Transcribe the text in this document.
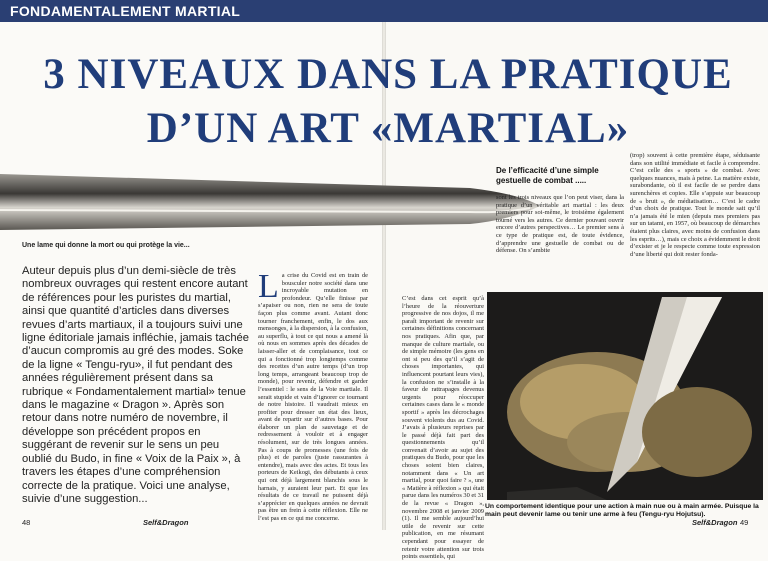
FONDAMENTALEMENT MARTIAL
3 NIVEAUX DANS LA PRATIQUE
D’UN ART «MARTIAL»
Une lame qui donne la mort ou qui protège la vie...
Auteur depuis plus d’un demi-siècle de très nombreux ouvrages qui restent encore autant de références pour les puristes du martial, ainsi que quantité d’articles dans diverses revues d’arts martiaux, il a toujours suivi une ligne éditoriale jamais infléchie, jamais tachée d’aucun compromis au gré des modes. Soke de la ligne « Tengu-ryu», il fut pendant des années régulièrement présent dans sa rubrique « Fondamentalement martial» tenue dans le magazine « Dragon ». Après son retour dans notre numéro de novembre, il développe son précédent propos en suggérant de revenir sur le sens un peu oublié du Budo, in fine « Voix de la Paix », à travers les étapes d’une compréhension correcte de la pratique. Voici une analyse, suivie d’une suggestion...
La crise du Covid est en train de bousculer notre société dans une incroyable mutation en profondeur. Qu’elle finisse par s’apaiser ou non, rien ne sera de toute façon plus comme avant. Autant donc tourner franchement, enfin, le dos aux mensonges, à la dispersion, à la confusion, au superflu, à tout ce qui nous a amené là où nous en sommes après des décades de laisser-aller et de complaisance, tout ce qui a fonctionné trop longtemps comme des recettes d’un autre temps (d’un trop long temps, arrangeant beaucoup trop de monde), pour revenir, défendre et garder l’essentiel : le sens de la Voie martiale. Il serait stupide et vain d’ignorer ce tournant de notre histoire. Il vaudrait mieux en profiter pour dresser un état des lieux, avant de repartir sur d’autres bases. Pour élaborer un plan de sauvetage et de redressement à vouloir et à engager résolument, sur de très longues années. Pas à coups de promesses (une fois de plus) et de paroles (juste rassurantes à entendre), mais avec des actes. Et tous les porteurs de Keikogi, des débutants à ceux qui ont déjà largement blanchis sous le harnais, y auraient leur part. Et que les résultats de ce travail ne puissent déjà s’apprécier en quelques années ne devrait pas être un frein à cette réflexion. Elle ne l’est pas en ce qui me concerne.
C’est dans cet esprit qu’à l’heure de la réouverture progressive de nos dojos, il me paraît important de revenir sur certaines définitions concernant nos pratiques. Afin que, par manque de culture martiale, ou de simple mémoire (les gens en ont si peu des qu’il s’agit de choses importantes, qui influencent pourtant leurs vies), la confusion ne s’installe à la faveur de rattrapages devenus urgents pour réoccuper certaines cases dans le « monde sportif » après les décrochages souvent violents dus au Covid. J’avais à plusieurs reprises par le passé déjà fait part des questionnements qu’il convenait d’avoir au sujet des pratiques du Budo, pour que les choses soient bien claires, notamment dans « Un art martial, pour quoi faire ? », une « Matière à réflexion » qui était parue dans les numéros 30 et 31 de la revue « Dragon », novembre 2008 et janvier 2009 (1). Il me semble aujourd’hui utile de revenir sur cette publication, en me résumant cependant pour essayer de retenir votre attention sur trois points essentiels, qui
De l’efficacité d’une simple gestuelle de combat .....
sont les trois niveaux que l’on peut viser, dans la pratique d’un véritable art martial : les deux premiers pour soi-même, le troisième également tourné vers les autres. Ce dernier pouvant ouvrir encore d’autres perspectives… Le premier sens à ce type de pratique est, de toute évidence, d’apprendre une gestuelle de combat ou de défense. On s’ambite
(trop) souvent à cette première étape, séduisante dans son utilité immédiate et facile à comprendre. C’est celle des « sports » de combat. Avec quelques nuances, mais à peine. La matière existe, surabondante, où il est facile de se perdre dans surenchères et copies. Elle s’appuie sur beaucoup de « bruit », de médiatisation… C’est le cadre d’un choix de pratique. Tout le monde sait qu’il n’a jamais été le mien (depuis mes premiers pas sur un tatami, en 1957, où beaucoup de démarches étaient plus claires, avec moins de confusion dans les esprits…), mais ce choix a évidemment le droit d’exister et je le respecte comme toute expression d’une liberté qui doit rester fonda-
Un comportement identique pour une action à main nue ou à main armée. Puisque la main peut devenir lame ou tenir une arme à feu (Tengu-ryu Hojutsu).
48	Self&Dragon	Self&Dragon 49
